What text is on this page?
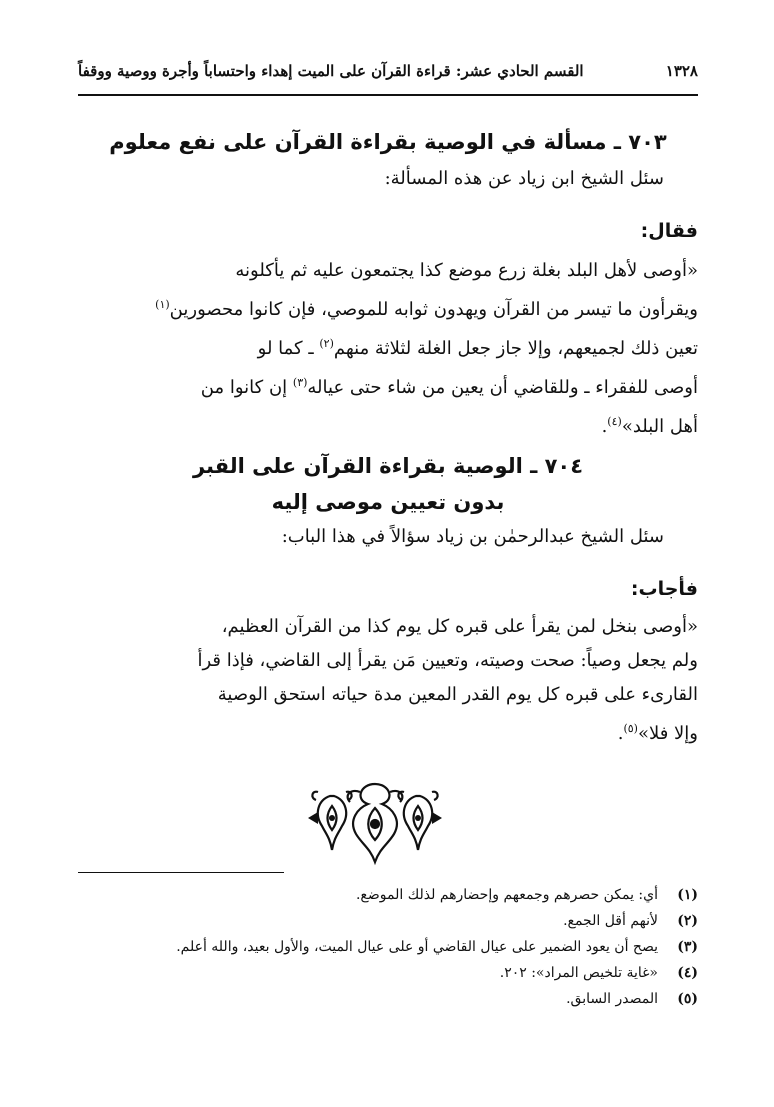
١٣٢٨
القسم الحادي عشر: قراءة القرآن على الميت إهداء واحتساباً وأجرة ووصية ووقفاً
٧٠٣ ـ مسألة في الوصية بقراءة القرآن على نفع معلوم
سئل الشيخ ابن زياد عن هذه المسألة:
فقال:
«أوصى لأهل البلد بغلة زرع موضع كذا يجتمعون عليه ثم يأكلونه
ويقرأون ما تيسر من القرآن ويهدون ثوابه للموصي، فإن كانوا محصورين$^{(١)}$
تعين ذلك لجميعهم، وإلا جاز جعل الغلة لثلاثة منهم$^{(٢)}$ ـ كما لو
أوصى للفقراء ـ وللقاضي أن يعين من شاء حتى عياله$^{(٣)}$ إن كانوا من
أهل البلد»$^{(٤)}$.
٧٠٤ ـ الوصية بقراءة القرآن على القبر
بدون تعيين موصى إليه
سئل الشيخ عبدالرحمٰن بن زياد سؤالاً في هذا الباب:
فأجاب:
«أوصى بنخل لمن يقرأ على قبره كل يوم كذا من القرآن العظيم،
ولم يجعل وصياً: صحت وصيته، وتعيين مَن يقرأ إلى القاضي، فإذا قرأ
القارىء على قبره كل يوم القدر المعين مدة حياته استحق الوصية
وإلا فلا»$^{(٥)}$.
(١)
أي: يمكن حصرهم وجمعهم وإحضارهم لذلك الموضع.
(٢)
لأنهم أقل الجمع.
(٣)
يصح أن يعود الضمير على عيال القاضي أو على عيال الميت، والأول بعيد، والله أعلم.
(٤)
«غاية تلخيص المراد»: ٢٠٢.
(٥)
المصدر السابق.
